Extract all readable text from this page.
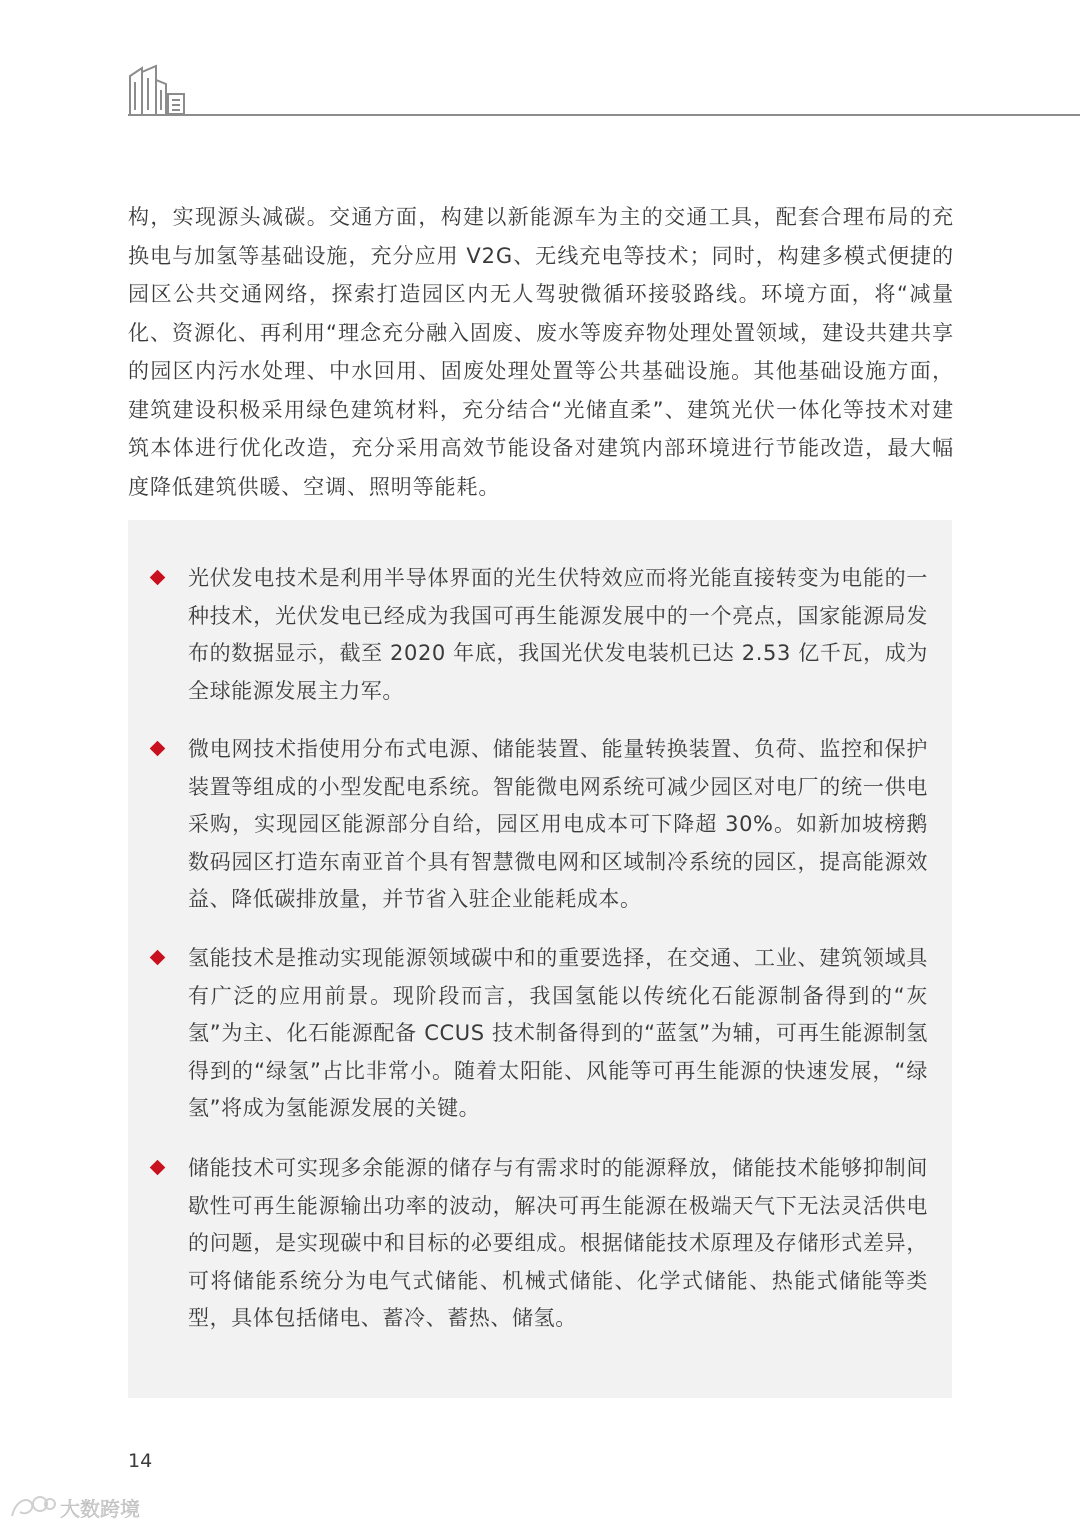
构，实现源头减碳。交通方面，构建以新能源车为主的交通工具，配套合理布局的充换电与加氢等基础设施，充分应用 V2G、无线充电等技术；同时，构建多模式便捷的园区公共交通网络，探索打造园区内无人驾驶微循环接驳路线。环境方面，将“减量化、资源化、再利用“理念充分融入固废、废水等废弃物处理处置领域，建设共建共享的园区内污水处理、中水回用、固废处理处置等公共基础设施。其他基础设施方面，建筑建设积极采用绿色建筑材料，充分结合“光储直柔”、建筑光伏一体化等技术对建筑本体进行优化改造，充分采用高效节能设备对建筑内部环境进行节能改造，最大幅度降低建筑供暖、空调、照明等能耗。

光伏发电技术是利用半导体界面的光生伏特效应而将光能直接转变为电能的一种技术，光伏发电已经成为我国可再生能源发展中的一个亮点，国家能源局发布的数据显示，截至 2020 年底，我国光伏发电装机已达 2.53 亿千瓦，成为全球能源发展主力军。

微电网技术指使用分布式电源、储能装置、能量转换装置、负荷、监控和保护装置等组成的小型发配电系统。智能微电网系统可减少园区对电厂的统一供电采购，实现园区能源部分自给，园区用电成本可下降超 30%。如新加坡榜鹅数码园区打造东南亚首个具有智慧微电网和区域制冷系统的园区，提高能源效益、降低碳排放量，并节省入驻企业能耗成本。

氢能技术是推动实现能源领域碳中和的重要选择，在交通、工业、建筑领域具有广泛的应用前景。现阶段而言，我国氢能以传统化石能源制备得到的“灰氢”为主、化石能源配备 CCUS 技术制备得到的“蓝氢”为辅，可再生能源制氢得到的“绿氢”占比非常小。随着太阳能、风能等可再生能源的快速发展，“绿氢”将成为氢能源发展的关键。

储能技术可实现多余能源的储存与有需求时的能源释放，储能技术能够抑制间歇性可再生能源输出功率的波动，解决可再生能源在极端天气下无法灵活供电的问题，是实现碳中和目标的必要组成。根据储能技术原理及存储形式差异，可将储能系统分为电气式储能、机械式储能、化学式储能、热能式储能等类型，具体包括储电、蓄冷、蓄热、储氢。

14
大数跨境
